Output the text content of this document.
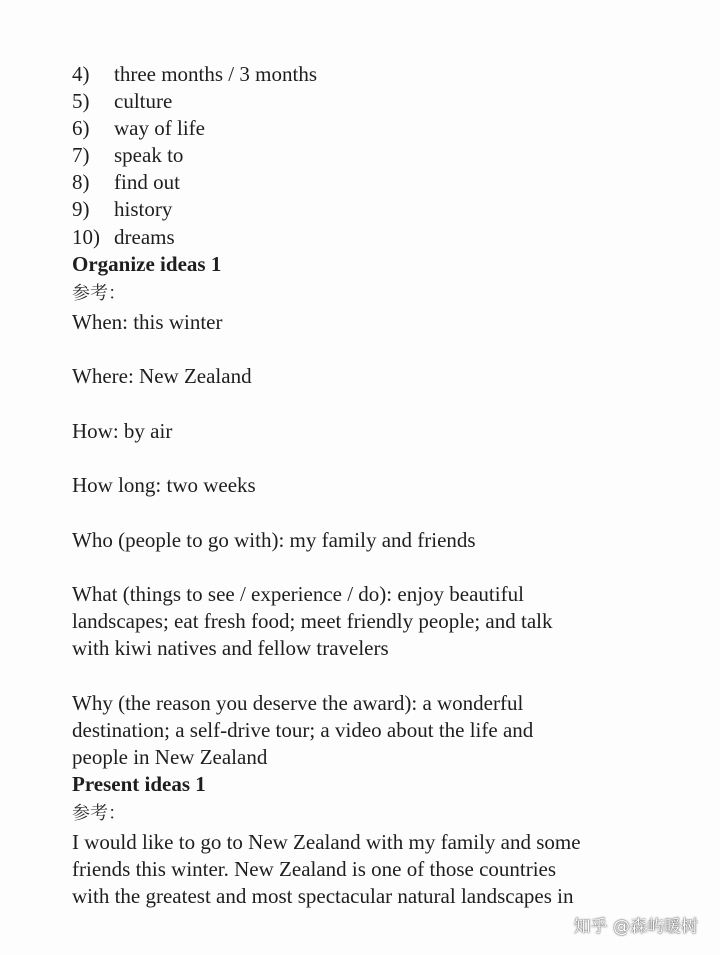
4) three months / 3 months
5) culture
6) way of life
7) speak to
8) find out
9) history
10) dreams
Organize ideas 1
参考：
When: this winter
Where: New Zealand
How: by air
How long: two weeks
Who (people to go with): my family and friends
What (things to see / experience / do): enjoy beautiful
landscapes; eat fresh food; meet friendly people; and talk
with kiwi natives and fellow travelers
Why (the reason you deserve the award): a wonderful
destination; a self-drive tour; a video about the life and
people in New Zealand
Present ideas 1
参考：
I would like to go to New Zealand with my family and some
friends this winter. New Zealand is one of those countries
with the greatest and most spectacular natural landscapes in
知乎 @森屿暖树
